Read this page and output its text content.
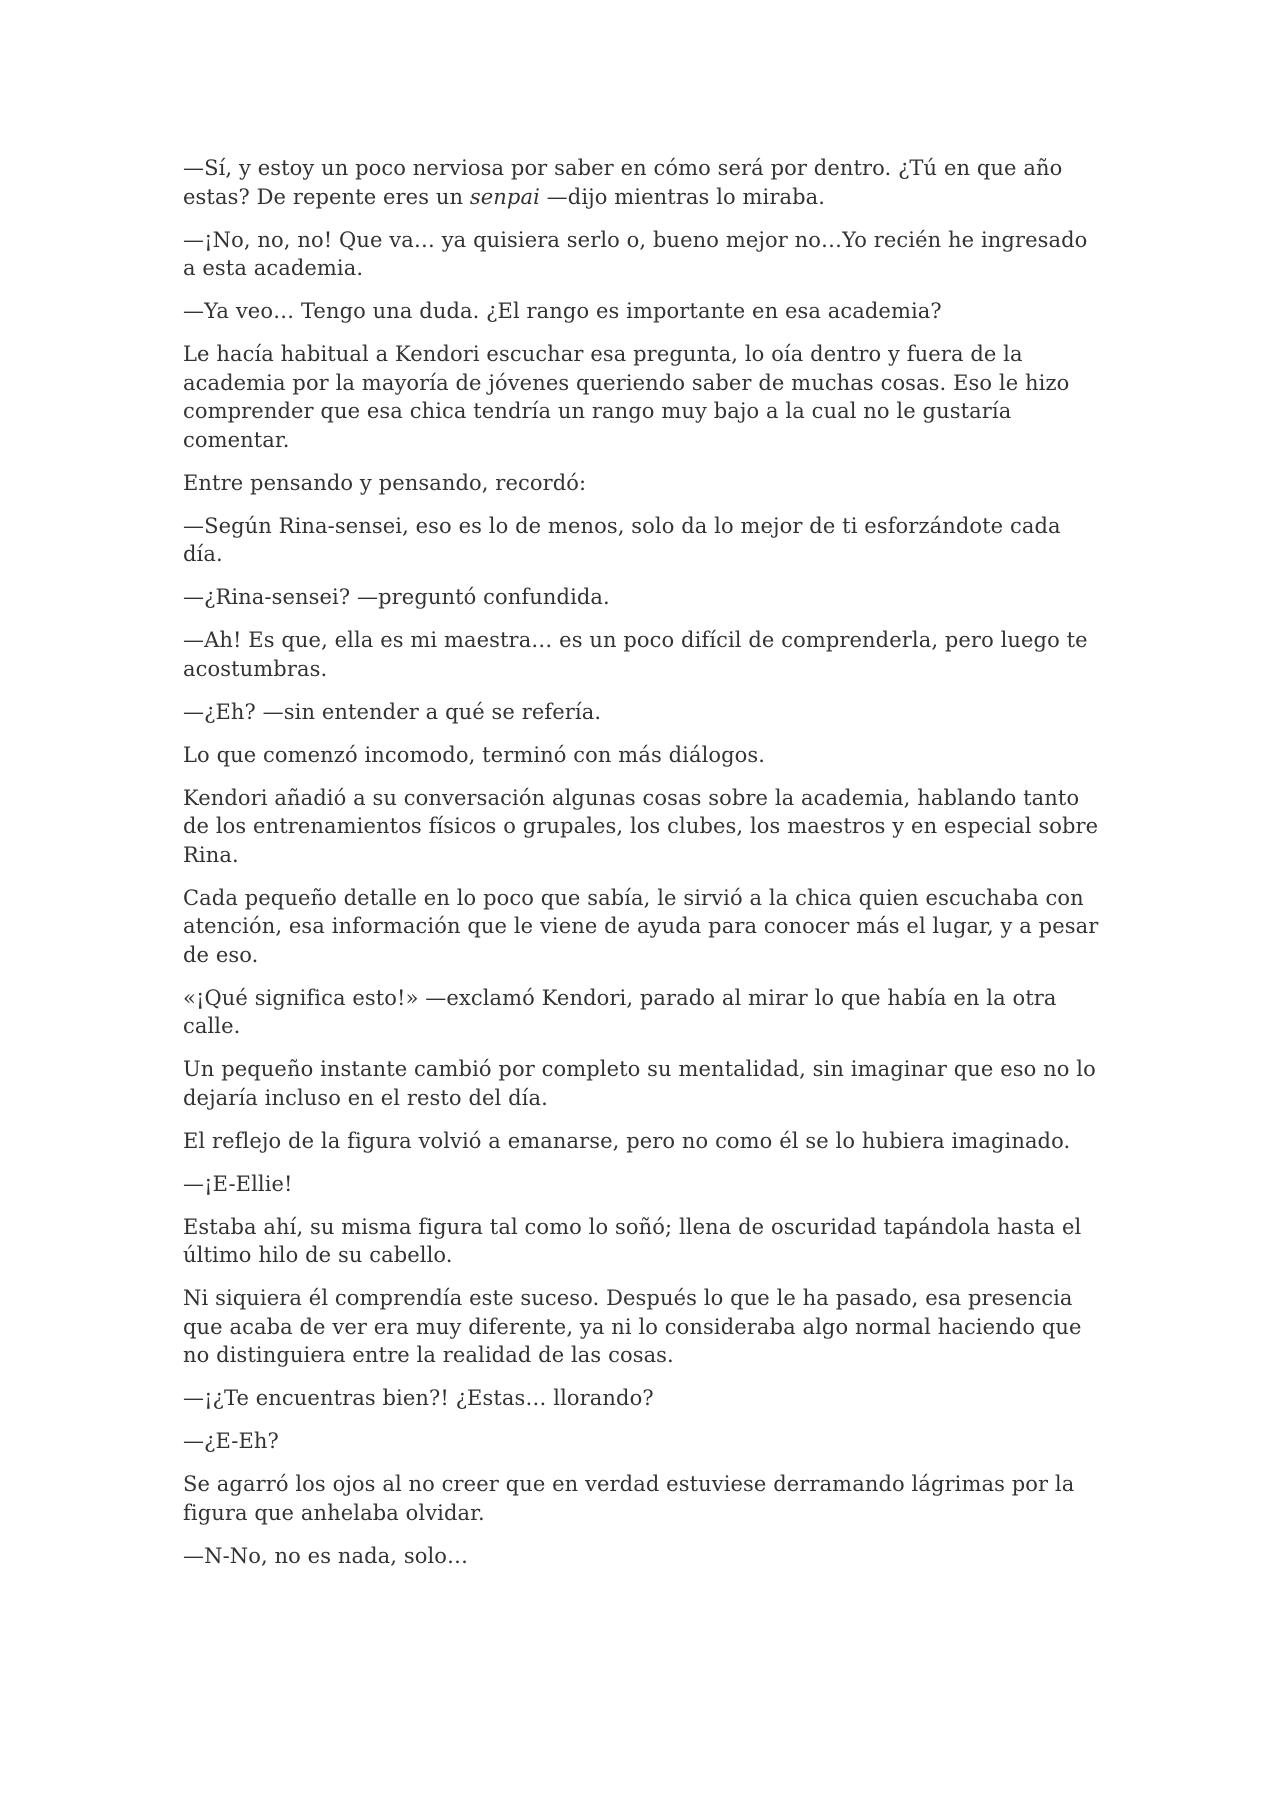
—Sí, y estoy un poco nerviosa por saber en cómo será por dentro. ¿Tú en que año estas? De repente eres un senpai —dijo mientras lo miraba.

—¡No, no, no! Que va… ya quisiera serlo o, bueno mejor no…Yo recién he ingresado a esta academia.

—Ya veo… Tengo una duda. ¿El rango es importante en esa academia?

Le hacía habitual a Kendori escuchar esa pregunta, lo oía dentro y fuera de la academia por la mayoría de jóvenes queriendo saber de muchas cosas. Eso le hizo comprender que esa chica tendría un rango muy bajo a la cual no le gustaría comentar.

Entre pensando y pensando, recordó:

—Según Rina-sensei, eso es lo de menos, solo da lo mejor de ti esforzándote cada día.

—¿Rina-sensei? —preguntó confundida.

—Ah! Es que, ella es mi maestra… es un poco difícil de comprenderla, pero luego te acostumbras.

—¿Eh? —sin entender a qué se refería.

Lo que comenzó incomodo, terminó con más diálogos.

Kendori añadió a su conversación algunas cosas sobre la academia, hablando tanto de los entrenamientos físicos o grupales, los clubes, los maestros y en especial sobre Rina.

Cada pequeño detalle en lo poco que sabía, le sirvió a la chica quien escuchaba con atención, esa información que le viene de ayuda para conocer más el lugar, y a pesar de eso.

«¡Qué significa esto!» —exclamó Kendori, parado al mirar lo que había en la otra calle.

Un pequeño instante cambió por completo su mentalidad, sin imaginar que eso no lo dejaría incluso en el resto del día.

El reflejo de la figura volvió a emanarse, pero no como él se lo hubiera imaginado.

—¡E-Ellie!

Estaba ahí, su misma figura tal como lo soñó; llena de oscuridad tapándola hasta el último hilo de su cabello.

Ni siquiera él comprendía este suceso. Después lo que le ha pasado, esa presencia que acaba de ver era muy diferente, ya ni lo consideraba algo normal haciendo que no distinguiera entre la realidad de las cosas.

—¡¿Te encuentras bien?! ¿Estas… llorando?

—¿E-Eh?

Se agarró los ojos al no creer que en verdad estuviese derramando lágrimas por la figura que anhelaba olvidar.

—N-No, no es nada, solo…
